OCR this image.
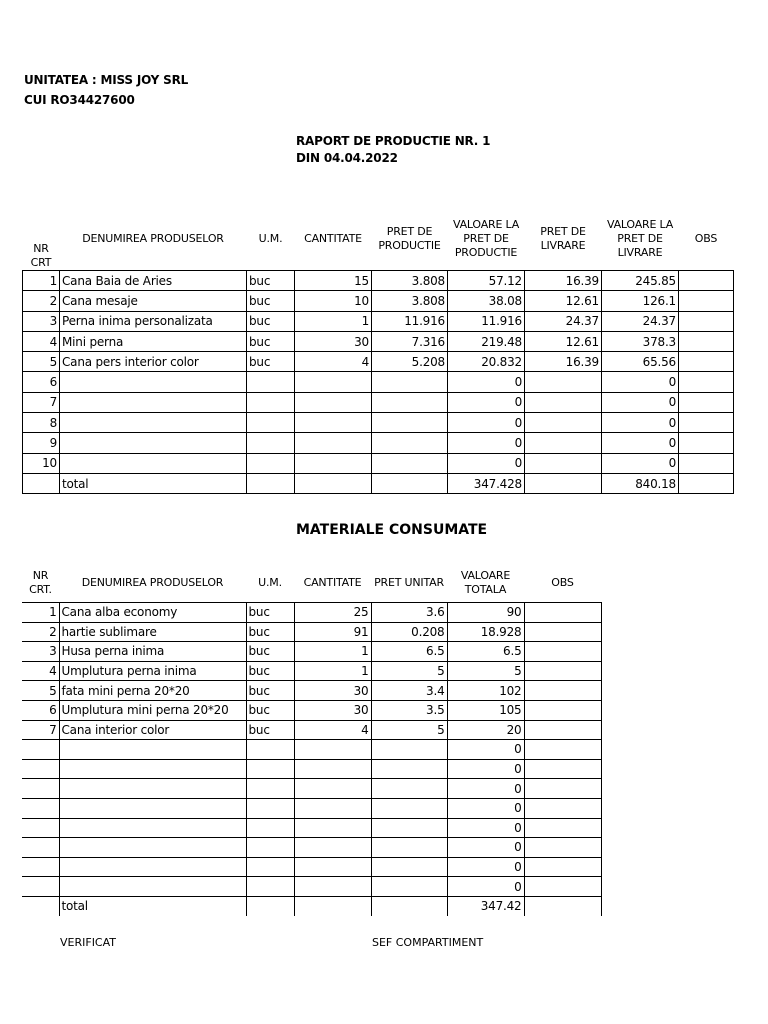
UNITATEA : MISS JOY SRL
CUI RO34427600
RAPORT DE PRODUCTIE NR. 1
DIN 04.04.2022
NR CRT	DENUMIREA PRODUSELOR	U.M.	CANTITATE	PRET DE PRODUCTIE	VALOARE LA PRET DE PRODUCTIE	PRET DE LIVRARE	VALOARE LA PRET DE LIVRARE	OBS
1	Cana Baia de Aries	buc	15	3.808	57.12	16.39	245.85	
2	Cana mesaje	buc	10	3.808	38.08	12.61	126.1	
3	Perna inima personalizata	buc	1	11.916	11.916	24.37	24.37	
4	Mini perna	buc	30	7.316	219.48	12.61	378.3	
5	Cana pers interior color	buc	4	5.208	20.832	16.39	65.56	
6					0		0	
7					0		0	
8					0		0	
9					0		0	
10					0		0	
	total				347.428		840.18	
MATERIALE CONSUMATE
NR CRT.	DENUMIREA PRODUSELOR	U.M.	CANTITATE	PRET UNITAR	VALOARE TOTALA	OBS
1	Cana alba economy	buc	25	3.6	90	
2	hartie sublimare	buc	91	0.208	18.928	
3	Husa perna inima	buc	1	6.5	6.5	
4	Umplutura perna inima	buc	1	5	5	
5	fata mini perna 20*20	buc	30	3.4	102	
6	Umplutura mini perna 20*20	buc	30	3.5	105	
7	Cana interior color	buc	4	5	20	
					0	
					0	
					0	
					0	
					0	
					0	
					0	
					0	
	total				347.42	
VERIFICAT	SEF COMPARTIMENT
